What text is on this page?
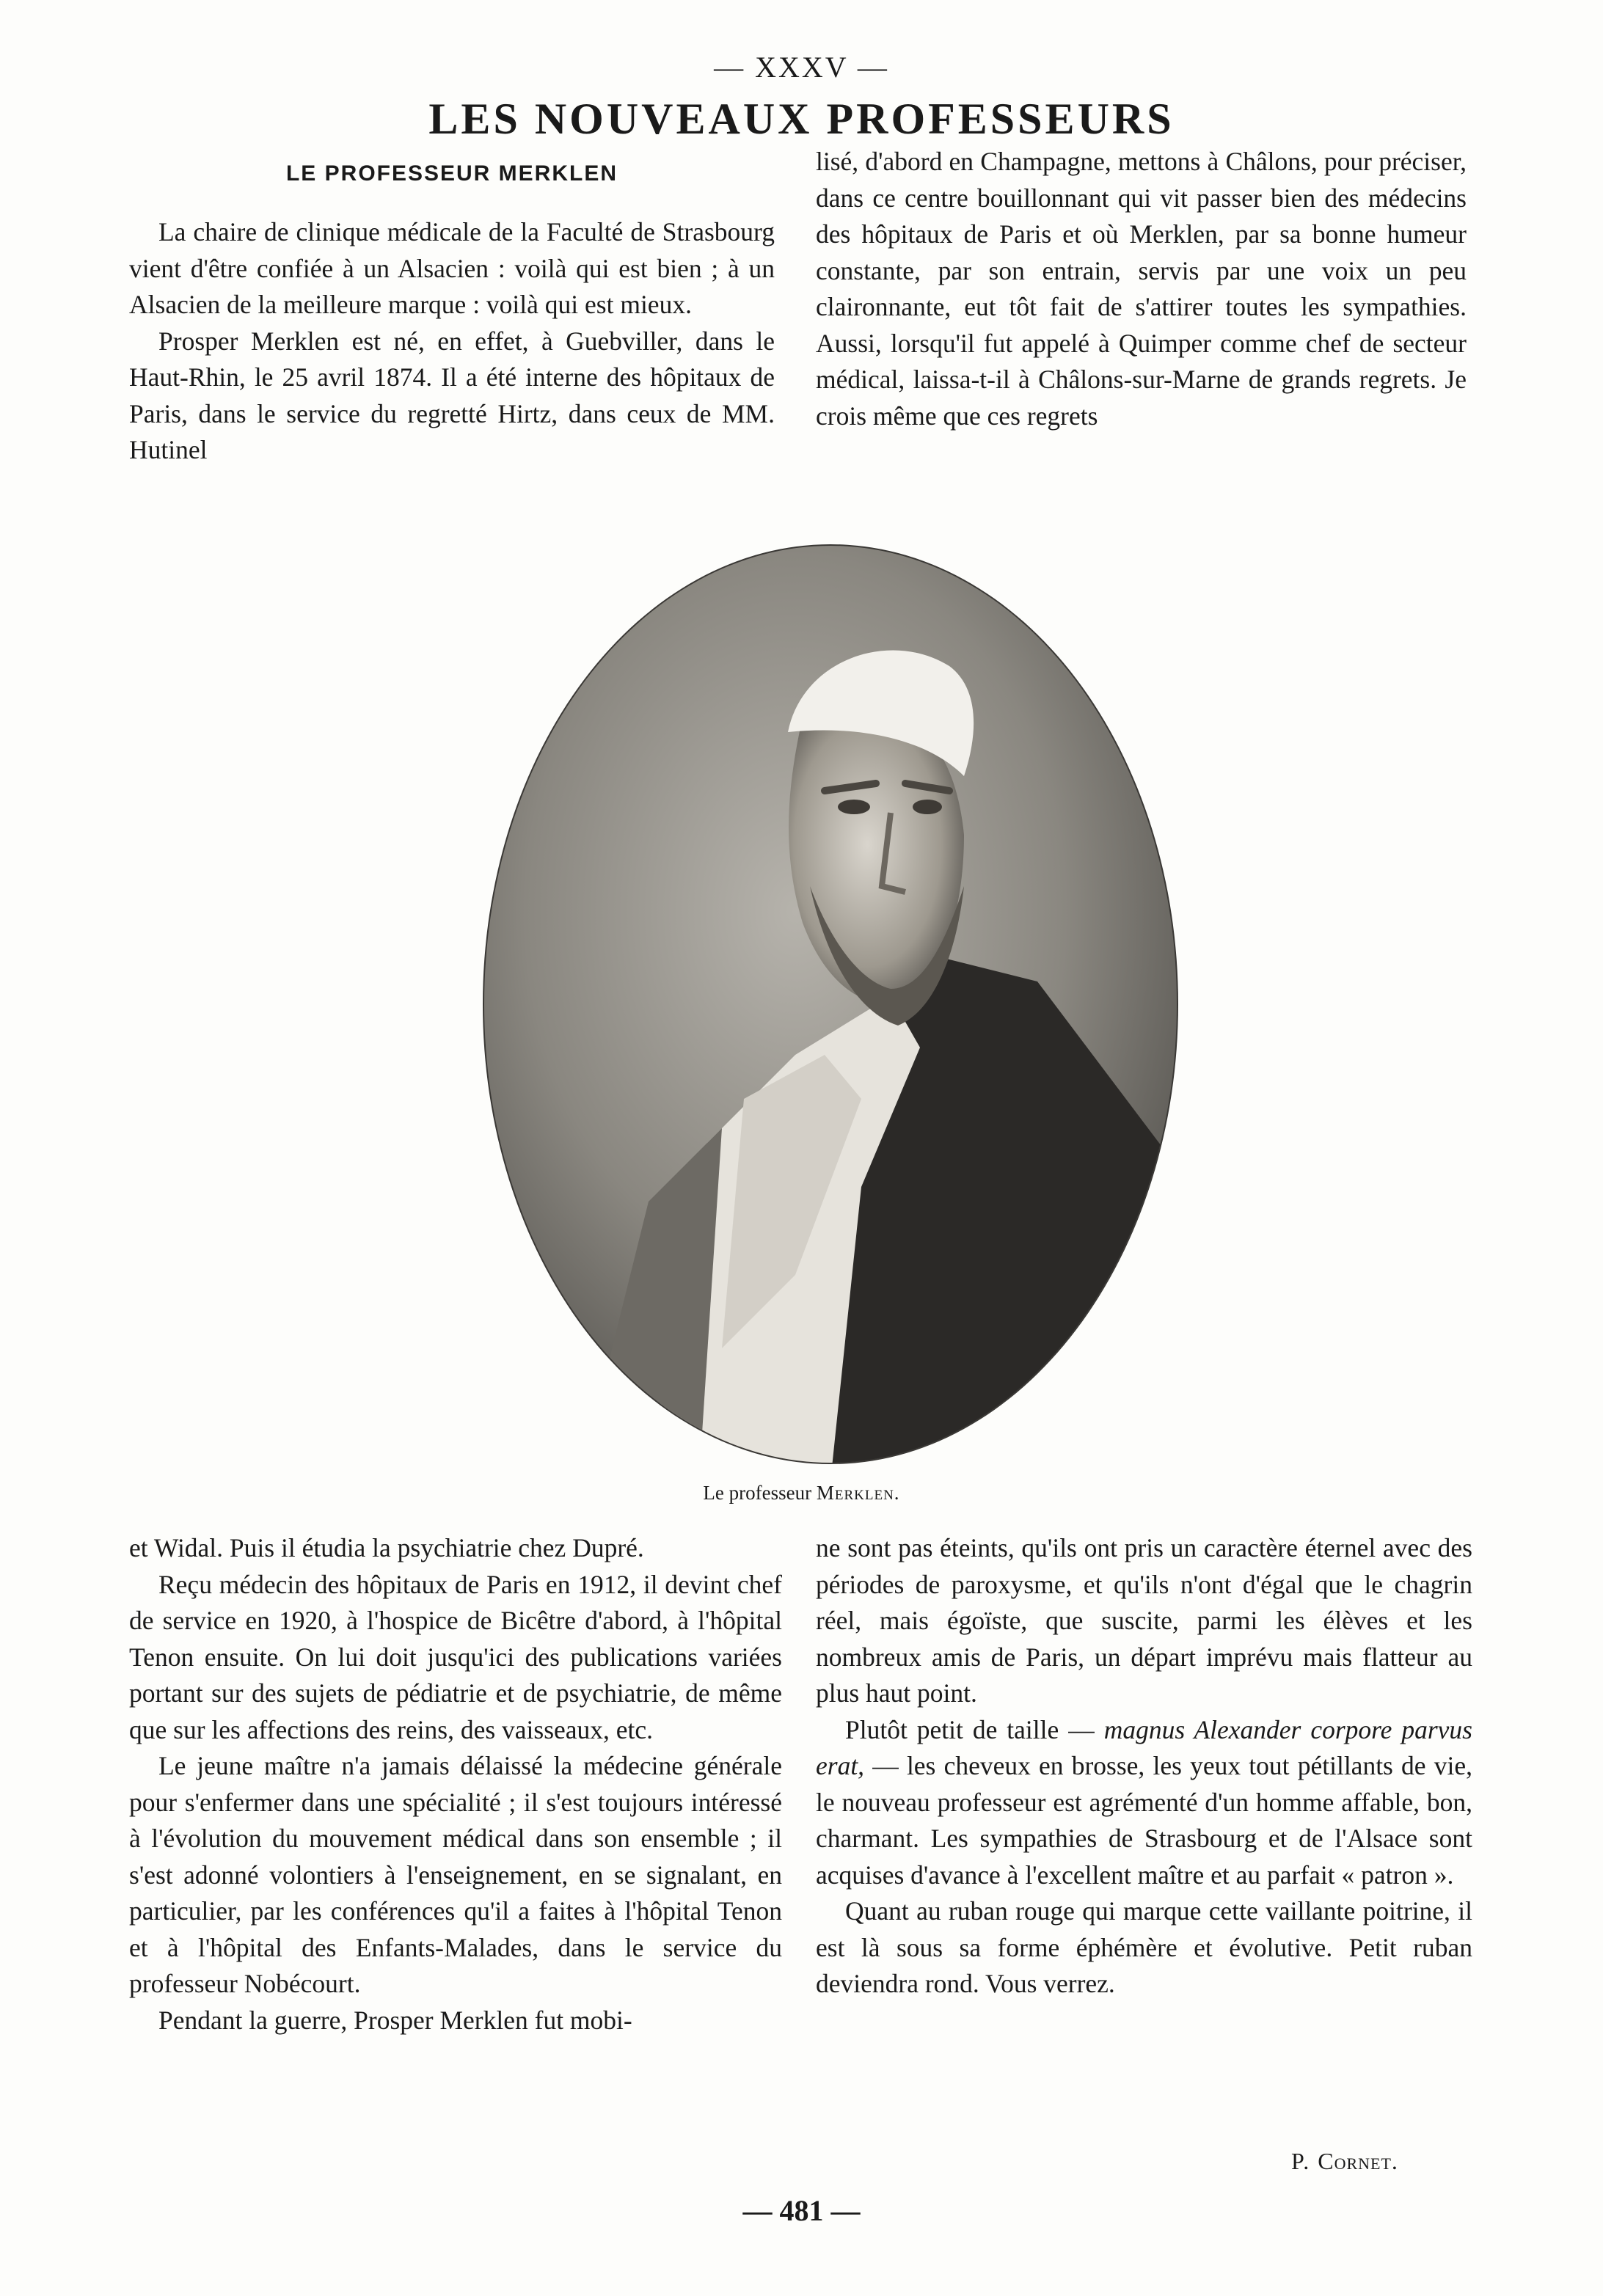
— XXXV —
LES NOUVEAUX PROFESSEURS
LE PROFESSEUR MERKLEN

La chaire de clinique médicale de la Faculté de Strasbourg vient d'être confiée à un Alsacien : voilà qui est bien ; à un Alsacien de la meilleure marque : voilà qui est mieux.

Prosper Merklen est né, en effet, à Guebviller, dans le Haut-Rhin, le 25 avril 1874. Il a été interne des hôpitaux de Paris, dans le service du regretté Hirtz, dans ceux de MM. Hutinel

lisé, d'abord en Champagne, mettons à Châlons, pour préciser, dans ce centre bouillonnant qui vit passer bien des médecins des hôpitaux de Paris et où Merklen, par sa bonne humeur constante, par son entrain, servis par une voix un peu claironnante, eut tôt fait de s'attirer toutes les sympathies. Aussi, lorsqu'il fut appelé à Quimper comme chef de secteur médical, laissa-t-il à Châlons-sur-Marne de grands regrets. Je crois même que ces regrets

Le professeur Merklen.

et Widal. Puis il étudia la psychiatrie chez Dupré.

Reçu médecin des hôpitaux de Paris en 1912, il devint chef de service en 1920, à l'hospice de Bicêtre d'abord, à l'hôpital Tenon ensuite. On lui doit jusqu'ici des publications variées portant sur des sujets de pédiatrie et de psychiatrie, de même que sur les affections des reins, des vaisseaux, etc.

Le jeune maître n'a jamais délaissé la médecine générale pour s'enfermer dans une spécialité ; il s'est toujours intéressé à l'évolution du mouvement médical dans son ensemble ; il s'est adonné volontiers à l'enseignement, en se signalant, en particulier, par les conférences qu'il a faites à l'hôpital Tenon et à l'hôpital des Enfants-Malades, dans le service du professeur Nobécourt.

Pendant la guerre, Prosper Merklen fut mobi-

ne sont pas éteints, qu'ils ont pris un caractère éternel avec des périodes de paroxysme, et qu'ils n'ont d'égal que le chagrin réel, mais égoïste, que suscite, parmi les élèves et les nombreux amis de Paris, un départ imprévu mais flatteur au plus haut point.

Plutôt petit de taille — magnus Alexander corpore parvus erat, — les cheveux en brosse, les yeux tout pétillants de vie, le nouveau professeur est agrémenté d'un homme affable, bon, charmant. Les sympathies de Strasbourg et de l'Alsace sont acquises d'avance à l'excellent maître et au parfait « patron ».

Quant au ruban rouge qui marque cette vaillante poitrine, il est là sous sa forme éphémère et évolutive. Petit ruban deviendra rond. Vous verrez.

P. Cornet.
— 481 —
